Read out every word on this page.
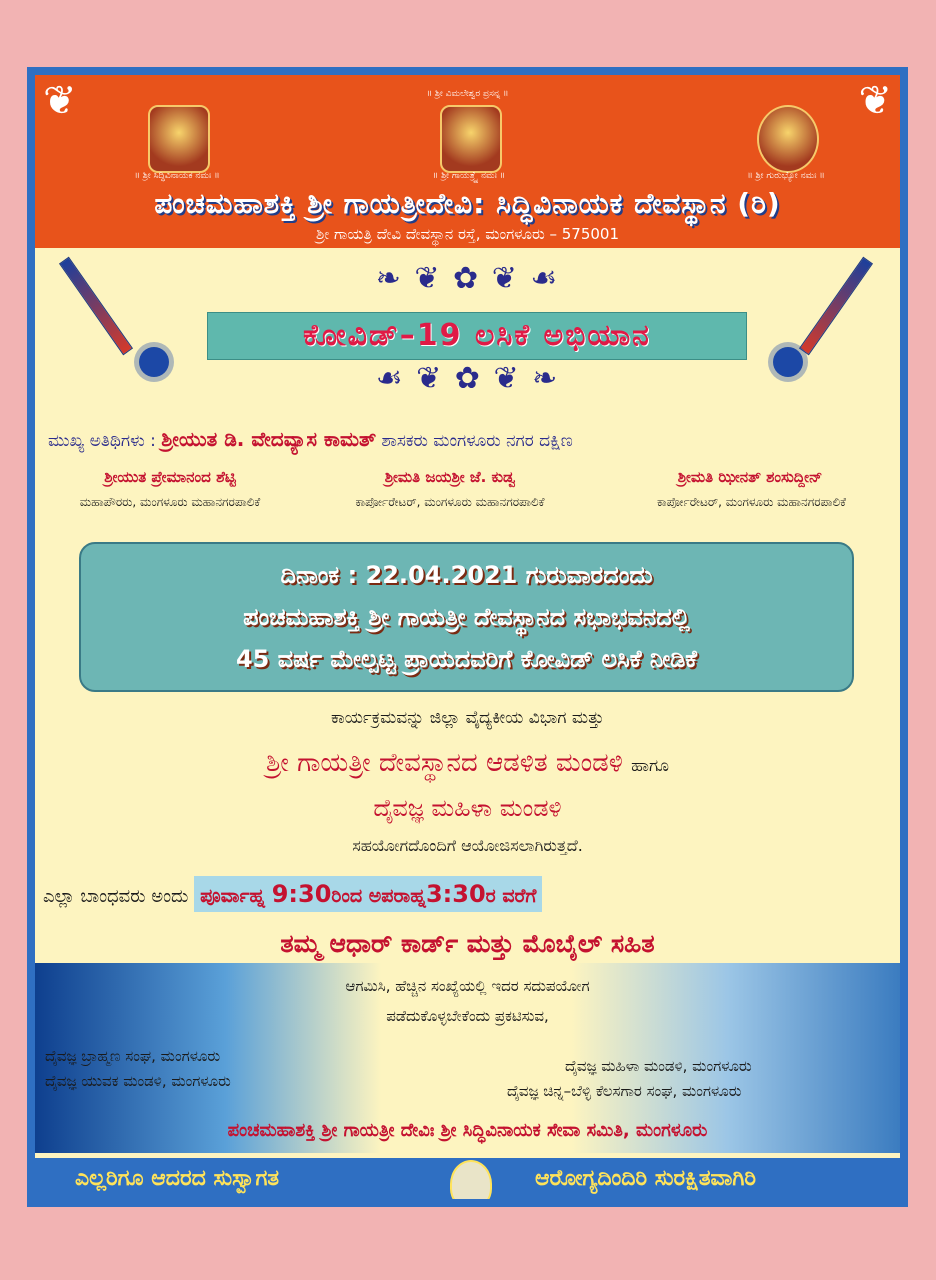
❦	❦
॥ ಶ್ರೀ ವಿಮಲೇಶ್ವರ ಪ್ರಸನ್ನ ॥
॥ ಶ್ರೀ ಸಿದ್ಧಿವಿನಾಯಕ ನಮಃ ॥	॥ ಶ್ರೀ ಗಾಯತ್ರ್ಯೈ ನಮಃ ॥	॥ ಶ್ರೀ ಗುರುಭ್ಯೋ ನಮಃ ॥
ಪಂಚಮಹಾಶಕ್ತಿ ಶ್ರೀ ಗಾಯತ್ರೀದೇವಿ: ಸಿದ್ಧಿವಿನಾಯಕ ದೇವಸ್ಥಾನ (ರಿ)
ಶ್ರೀ ಗಾಯತ್ರಿ ದೇವಿ ದೇವಸ್ಥಾನ ರಸ್ತೆ, ಮಂಗಳೂರು – 575001
❧ ❦ ✿ ❦ ☙
ಕೋವಿಡ್–19 ಲಸಿಕೆ ಅಭಿಯಾನ
☙ ❦ ✿ ❦ ❧
ಮುಖ್ಯ ಅತಿಥಿಗಳು : ಶ್ರೀಯುತ ಡಿ. ವೇದವ್ಯಾಸ ಕಾಮತ್ ಶಾಸಕರು ಮಂಗಳೂರು ನಗರ ದಕ್ಷಿಣ
ಶ್ರೀಯುತ ಪ್ರೇಮಾನಂದ ಶೆಟ್ಟಿ
ಮಹಾಪೌರರು, ಮಂಗಳೂರು ಮಹಾನಗರಪಾಲಿಕೆ
ಶ್ರೀಮತಿ ಜಯಶ್ರೀ ಜೆ. ಕುಡ್ವ
ಕಾರ್ಪೋರೇಟರ್, ಮಂಗಳೂರು ಮಹಾನಗರಪಾಲಿಕೆ
ಶ್ರೀಮತಿ ಝೀನತ್ ಶಂಸುದ್ದೀನ್
ಕಾರ್ಪೋರೇಟರ್, ಮಂಗಳೂರು ಮಹಾನಗರಪಾಲಿಕೆ
ದಿನಾಂಕ : 22.04.2021 ಗುರುವಾರದಂದು
ಪಂಚಮಹಾಶಕ್ತಿ ಶ್ರೀ ಗಾಯತ್ರೀ ದೇವಸ್ಥಾನದ ಸಭಾಭವನದಲ್ಲಿ
45 ವರ್ಷ ಮೇಲ್ಪಟ್ಟ ಪ್ರಾಯದವರಿಗೆ ಕೋವಿಡ್ ಲಸಿಕೆ ನೀಡಿಕೆ
ಕಾರ್ಯಕ್ರಮವನ್ನು ಜಿಲ್ಲಾ ವೈದ್ಯಕೀಯ ವಿಭಾಗ ಮತ್ತು
ಶ್ರೀ ಗಾಯತ್ರೀ ದೇವಸ್ಥಾನದ ಆಡಳಿತ ಮಂಡಳಿ ಹಾಗೂ
ದೈವಜ್ಞ ಮಹಿಳಾ ಮಂಡಳಿ
ಸಹಯೋಗದೊಂದಿಗೆ ಆಯೋಜಿಸಲಾಗಿರುತ್ತದೆ.
ಎಲ್ಲಾ ಬಾಂಧವರು ಅಂದು ಪೂರ್ವಾಹ್ನ 9:30ರಿಂದ ಅಪರಾಹ್ನ3:30ರ ವರೆಗೆ
ತಮ್ಮ ಆಧಾರ್ ಕಾರ್ಡ್ ಮತ್ತು ಮೊಬೈಲ್ ಸಹಿತ
ಆಗಮಿಸಿ, ಹೆಚ್ಚಿನ ಸಂಖ್ಯೆಯಲ್ಲಿ ಇದರ ಸದುಪಯೋಗ
ಪಡೆದುಕೊಳ್ಳಬೇಕೆಂದು ಪ್ರಕಟಿಸುವ,
ದೈವಜ್ಞ ಬ್ರಾಹ್ಮಣ ಸಂಘ, ಮಂಗಳೂರು
ದೈವಜ್ಞ ಯುವಕ ಮಂಡಳಿ, ಮಂಗಳೂರು
ದೈವಜ್ಞ ಮಹಿಳಾ ಮಂಡಳಿ, ಮಂಗಳೂರು
ದೈವಜ್ಞ ಚಿನ್ನ–ಬೆಳ್ಳಿ ಕೆಲಸಗಾರ ಸಂಘ, ಮಂಗಳೂರು
ಪಂಚಮಹಾಶಕ್ತಿ ಶ್ರೀ ಗಾಯತ್ರೀ ದೇವಿಃ ಶ್ರೀ ಸಿದ್ಧಿವಿನಾಯಕ ಸೇವಾ ಸಮಿತಿ, ಮಂಗಳೂರು
ಎಲ್ಲರಿಗೂ ಆದರದ ಸುಸ್ವಾಗತ	ಆರೋಗ್ಯದಿಂದಿರಿ ಸುರಕ್ಷಿತವಾಗಿರಿ
